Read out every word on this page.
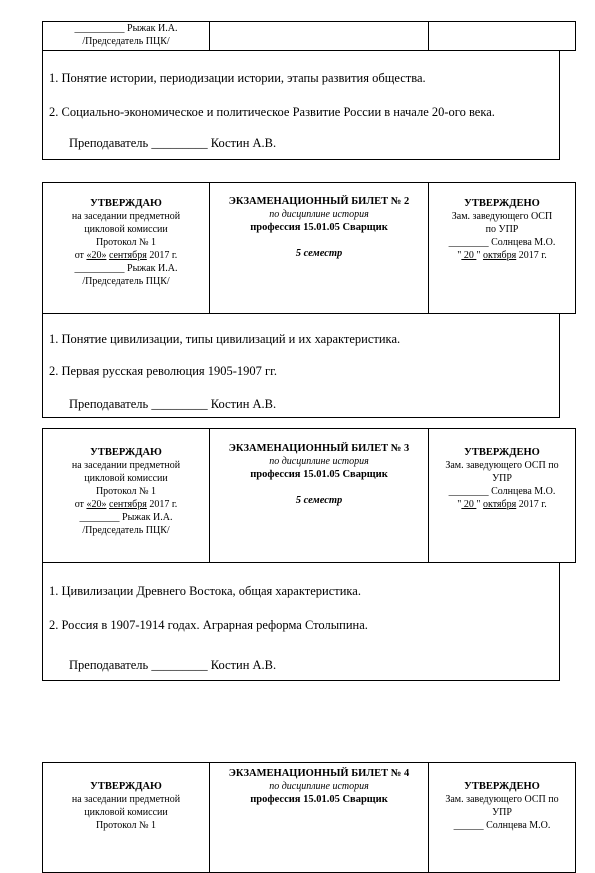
__________ Рыжак И.А.
/Председатель ПЦК/

1. Понятие истории, периодизации истории, этапы развития общества.

2. Социально-экономическое и политическое Развитие России в начале 20-ого века.

Преподаватель _________ Костин А.В.

УТВЕРЖДАЮ
на заседании предметной
цикловой комиссии
Протокол № 1
от «20» сентября 2017 г.
__________ Рыжак И.А.
/Председатель ПЦК/

ЭКЗАМЕНАЦИОННЫЙ БИЛЕТ № 2
по дисциплине история
профессия 15.01.05 Сварщик
5 семестр

УТВЕРЖДЕНО
Зам. заведующего ОСП
по УПР
________ Солнцева М.О.
" 20 " октября 2017 г.

1. Понятие цивилизации, типы цивилизаций и их характеристика.

2. Первая русская революция 1905-1907 гг.

Преподаватель _________ Костин А.В.

УТВЕРЖДАЮ
на заседании предметной
цикловой комиссии
Протокол № 1
от «20» сентября 2017 г.
________ Рыжак И.А.
/Председатель ПЦК/

ЭКЗАМЕНАЦИОННЫЙ БИЛЕТ № 3
по дисциплине история
профессия 15.01.05 Сварщик
5 семестр

УТВЕРЖДЕНО
Зам. заведующего ОСП по
УПР
________ Солнцева М.О.
" 20 " октября 2017 г.

1. Цивилизации Древнего Востока, общая характеристика.

2. Россия в 1907-1914 годах. Аграрная реформа Столыпина.

Преподаватель _________ Костин А.В.

УТВЕРЖДАЮ
на заседании предметной
цикловой комиссии
Протокол № 1

ЭКЗАМЕНАЦИОННЫЙ БИЛЕТ № 4
по дисциплине история
профессия 15.01.05 Сварщик

УТВЕРЖДЕНО
Зам. заведующего ОСП по
УПР
______ Солнцева М.О.
